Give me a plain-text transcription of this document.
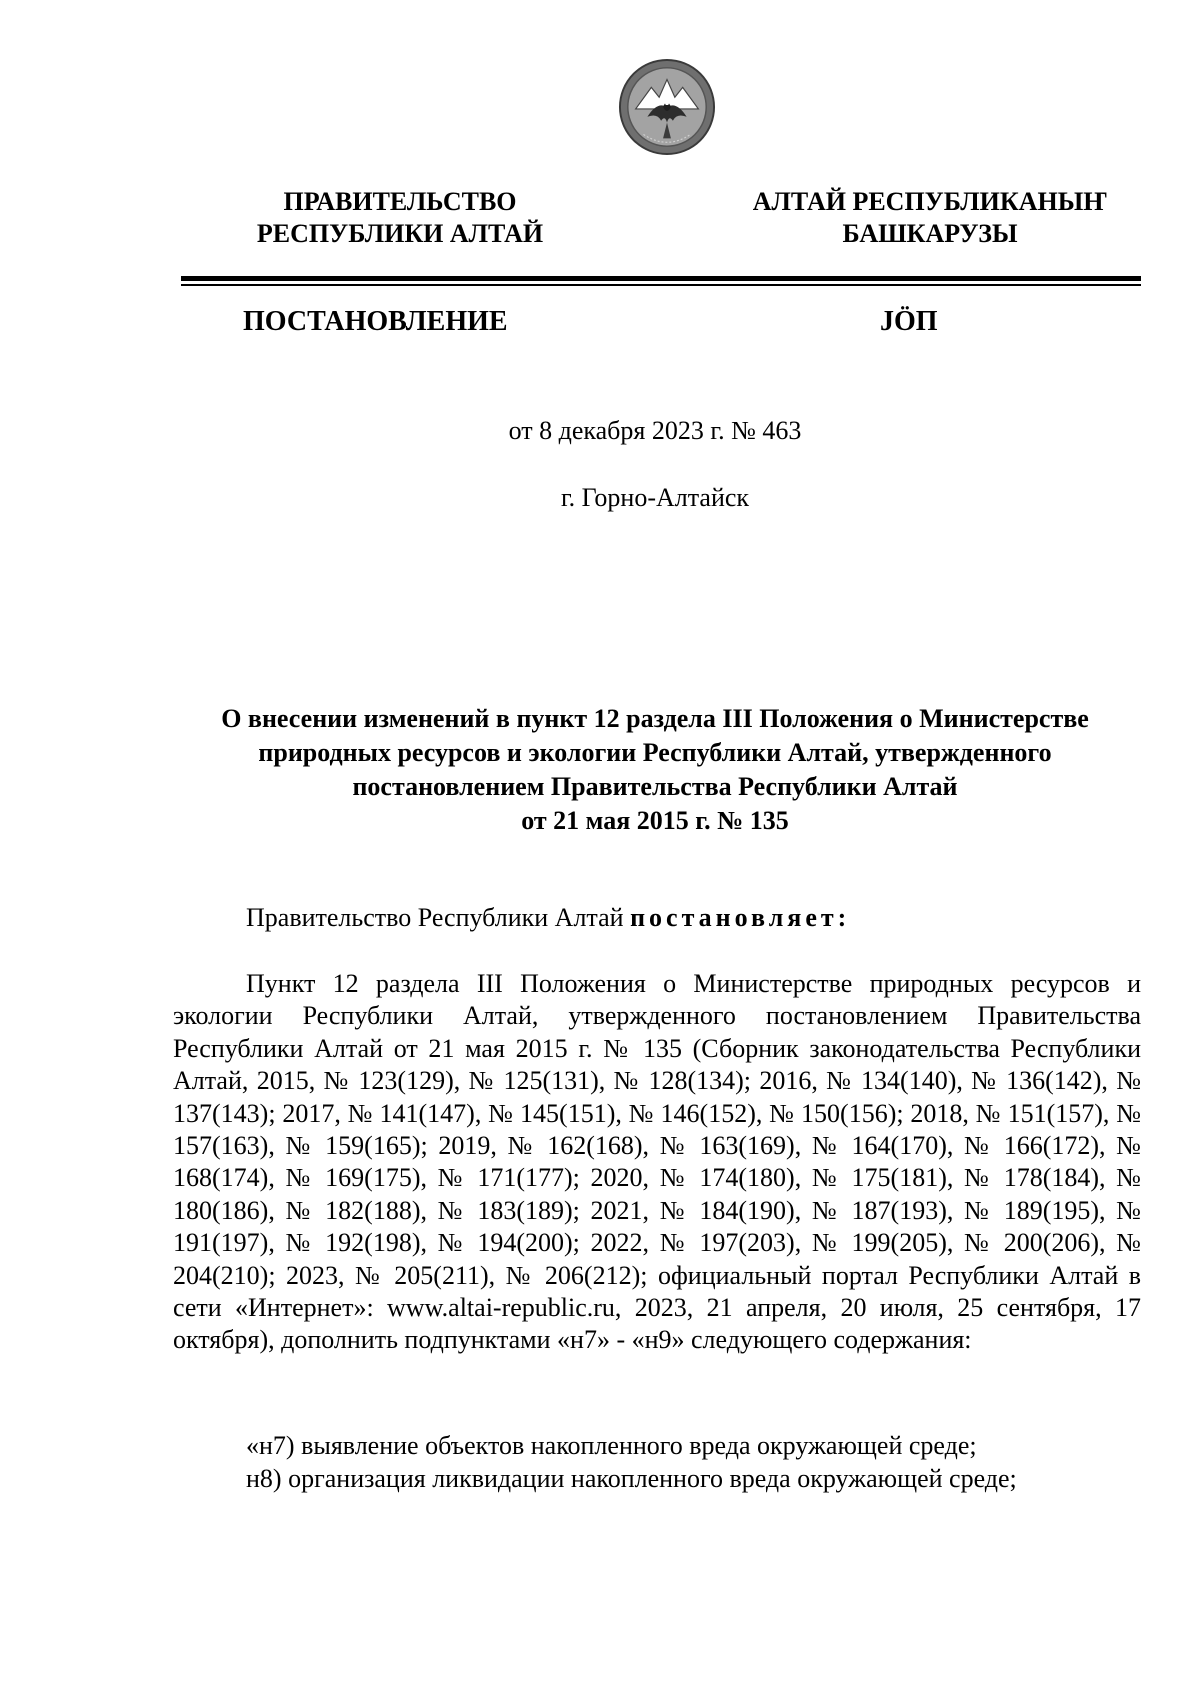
ПРАВИТЕЛЬСТВО
РЕСПУБЛИКИ АЛТАЙ
АЛТАЙ РЕСПУБЛИКАНЫҤ
БАШКАРУЗЫ
ПОСТАНОВЛЕНИЕ	JÖП
от 8 декабря 2023 г. № 463
г. Горно-Алтайск
О внесении изменений в пункт 12 раздела III Положения о Министерстве
природных ресурсов и экологии Республики Алтай, утвержденного
постановлением Правительства Республики Алтай
от 21 мая 2015 г. № 135
Правительство Республики Алтай постановляет:
Пункт 12 раздела III Положения о Министерстве природных ресурсов и экологии Республики Алтай, утвержденного постановлением Правительства Республики Алтай от 21 мая 2015 г. № 135 (Сборник законодательства Республики Алтай, 2015, № 123(129), № 125(131), № 128(134); 2016, № 134(140), № 136(142), № 137(143); 2017, № 141(147), № 145(151), № 146(152), № 150(156); 2018, № 151(157), № 157(163), № 159(165); 2019, № 162(168), № 163(169), № 164(170), № 166(172), № 168(174), № 169(175), № 171(177); 2020, № 174(180), № 175(181), № 178(184), № 180(186), № 182(188), № 183(189); 2021, № 184(190), № 187(193), № 189(195), № 191(197), № 192(198), № 194(200); 2022, № 197(203), № 199(205), № 200(206), № 204(210); 2023, № 205(211), № 206(212); официальный портал Республики Алтай в сети «Интернет»: www.altai-republic.ru, 2023, 21 апреля, 20 июля, 25 сентября, 17 октября), дополнить подпунктами «н7» - «н9» следующего содержания:
«н7) выявление объектов накопленного вреда окружающей среде;
н8) организация ликвидации накопленного вреда окружающей среде;
